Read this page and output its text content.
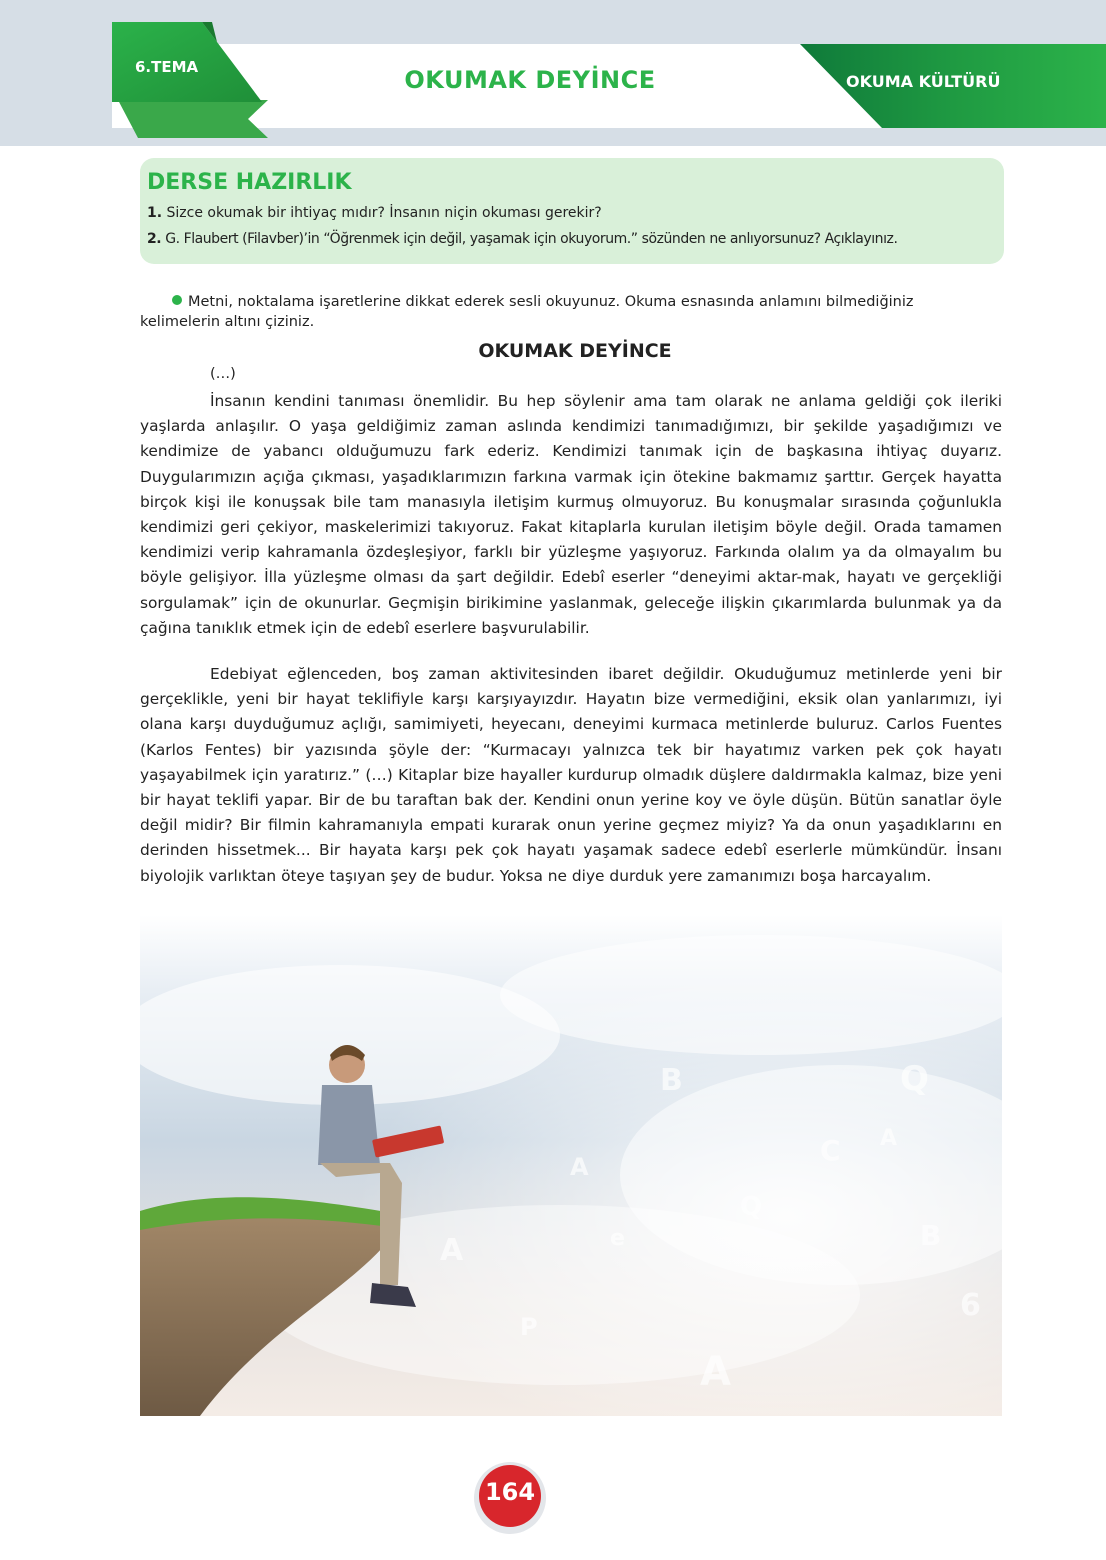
6.TEMA	OKUMAK DEYİNCE	OKUMA KÜLTÜRÜ
DERSE HAZIRLIK
1. Sizce okumak bir ihtiyaç mıdır? İnsanın niçin okuması gerekir?
2. G. Flaubert (Filavber)’in “Öğrenmek için değil, yaşamak için okuyorum.” sözünden ne anlıyorsunuz? Açıklayınız.
Metni, noktalama işaretlerine dikkat ederek sesli okuyunuz. Okuma esnasında anlamını bilmediğiniz
kelimelerin altını çiziniz.
OKUMAK DEYİNCE
(…)
İnsanın kendini tanıması önemlidir. Bu hep söylenir ama tam olarak ne anlama geldiği çok ileriki yaşlarda anlaşılır. O yaşa geldiğimiz zaman aslında kendimizi tanımadığımızı, bir şekilde yaşadığımızı ve kendimize de yabancı olduğumuzu fark ederiz. Kendimizi tanımak için de başkasına ihtiyaç duyarız. Duygularımızın açığa çıkması, yaşadıklarımızın farkına varmak için ötekine bakmamız şarttır. Gerçek hayatta birçok kişi ile konuşsak bile tam manasıyla iletişim kurmuş olmuyoruz. Bu konuşmalar sırasında çoğunlukla kendimizi geri çekiyor, maskelerimizi takıyoruz. Fakat kitaplarla kurulan iletişim böyle değil. Orada tamamen kendimizi verip kahramanla özdeşleşiyor, farklı bir yüzleşme yaşıyoruz. Farkında olalım ya da olmayalım bu böyle gelişiyor. İlla yüzleşme olması da şart değildir. Edebî eserler “deneyimi aktar-mak, hayatı ve gerçekliği sorgulamak” için de okunurlar. Geçmişin birikimine yaslanmak, geleceğe ilişkin çıkarımlarda bulunmak ya da çağına tanıklık etmek için de edebî eserlere başvurulabilir.
Edebiyat eğlenceden, boş zaman aktivitesinden ibaret değildir. Okuduğumuz metinlerde yeni bir gerçeklikle, yeni bir hayat teklifiyle karşı karşıyayızdır. Hayatın bize vermediğini, eksik olan yanlarımızı, iyi olana karşı duyduğumuz açlığı, samimiyeti, heyecanı, deneyimi kurmaca metinlerde buluruz. Carlos Fuentes (Karlos Fentes) bir yazısında şöyle der: “Kurmacayı yalnızca tek bir hayatımız varken pek çok hayatı yaşayabilmek için yaratırız.” (…) Kitaplar bize hayaller kurdurup olmadık düşlere daldırmakla kalmaz, bize yeni bir hayat teklifi yapar. Bir de bu taraftan bak der. Kendini onun yerine koy ve öyle düşün. Bütün sanatlar öyle değil midir? Bir filmin kahramanıyla empati kurarak onun yerine geçmez miyiz? Ya da onun yaşadıklarını en derinden hissetmek... Bir hayata karşı pek çok hayatı yaşamak sadece edebî eserlerle mümkündür. İnsanı biyolojik varlıktan öteye taşıyan şey de budur. Yoksa ne diye durduk yere zamanımızı boşa harcayalım.
Q
C
B
A
Q
B
A
6
A
P
A
e
164
